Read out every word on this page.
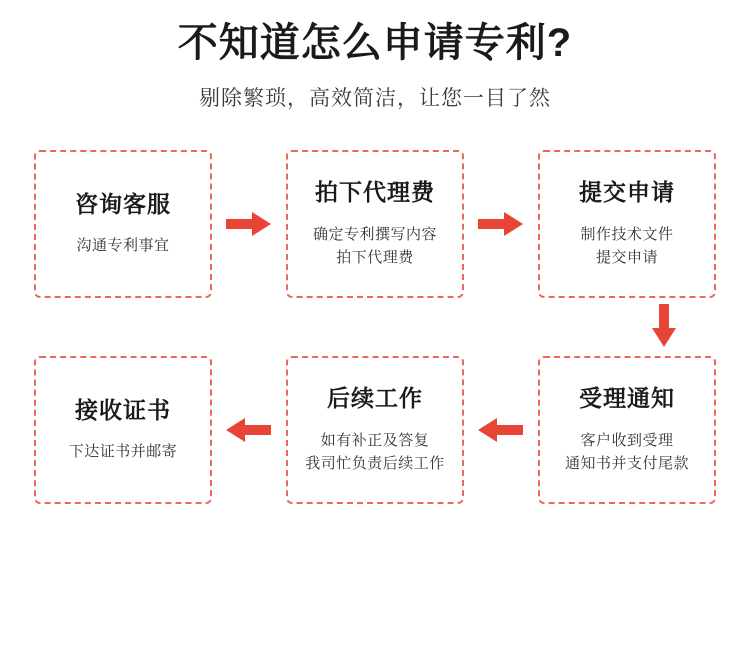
不知道怎么申请专利?
剔除繁琐，高效简洁，让您一目了然
咨询客服
沟通专利事宜
拍下代理费
确定专利撰写内容
拍下代理费
提交申请
制作技术文件
提交申请
接收证书
下达证书并邮寄
后续工作
如有补正及答复
我司忙负责后续工作
受理通知
客户收到受理
通知书并支付尾款
